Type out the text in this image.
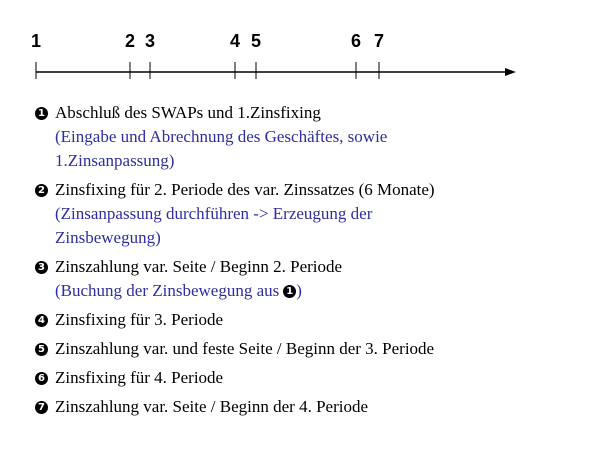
1	2 3	4 5	6 7
1 Abschluß des SWAPs und 1.Zinsfixing
(Eingabe und Abrechnung des Geschäftes, sowie
1.Zinsanpassung)
2 Zinsfixing für 2. Periode des var. Zinssatzes (6 Monate)
(Zinsanpassung durchführen -> Erzeugung der
Zinsbewegung)
3 Zinszahlung var. Seite / Beginn 2. Periode
(Buchung der Zinsbewegung aus 1 )
4 Zinsfixing für 3. Periode
5 Zinszahlung var. und feste Seite / Beginn der 3. Periode
6 Zinsfixing für 4. Periode
7 Zinszahlung var. Seite / Beginn der 4. Periode
